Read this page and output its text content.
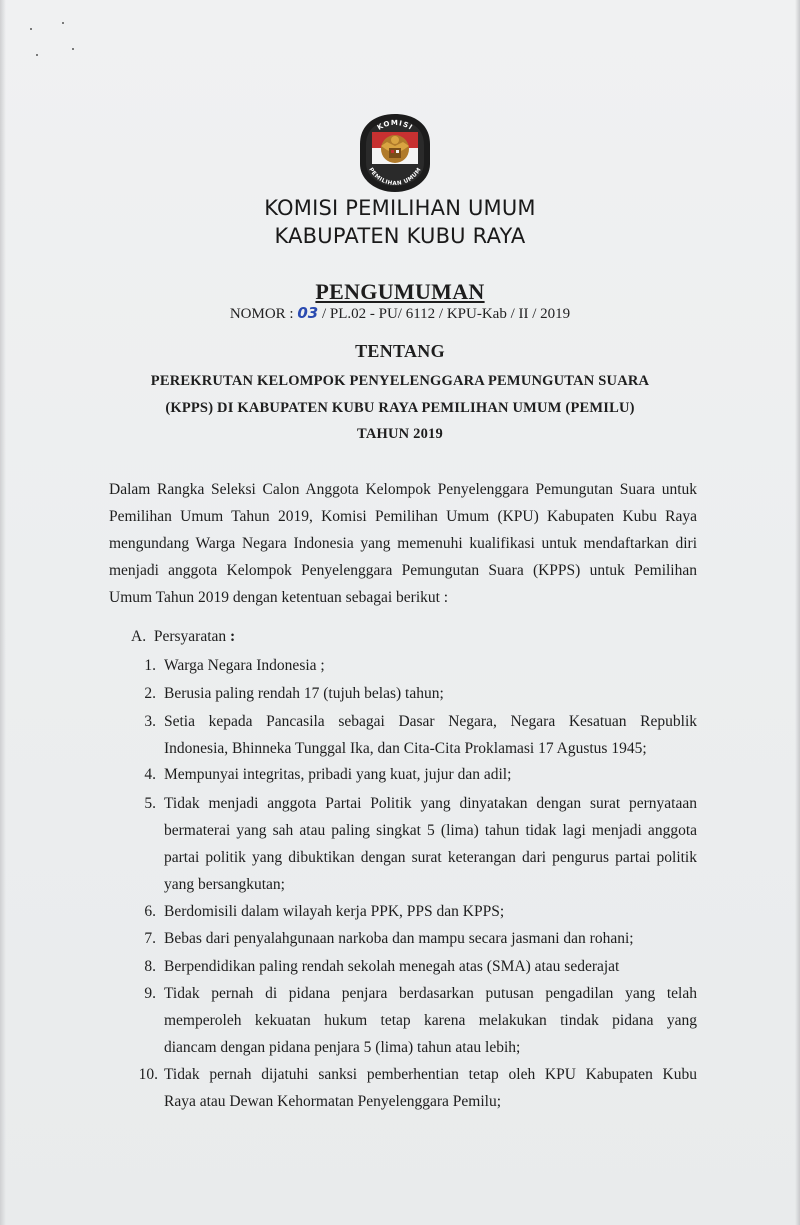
KOMISI
PEMILIHAN UMUM
KOMISI PEMILIHAN UMUM
KABUPATEN KUBU RAYA
PENGUMUMAN
NOMOR : 03 / PL.02 - PU/ 6112 / KPU-Kab / II / 2019
TENTANG
PEREKRUTAN KELOMPOK PENYELENGGARA PEMUNGUTAN SUARA
(KPPS) DI KABUPATEN KUBU RAYA PEMILIHAN UMUM (PEMILU)
TAHUN 2019
Dalam Rangka Seleksi Calon Anggota Kelompok Penyelenggara Pemungutan Suara untuk
Pemilihan Umum Tahun 2019, Komisi Pemilihan Umum (KPU) Kabupaten Kubu Raya
mengundang Warga Negara Indonesia yang memenuhi kualifikasi untuk mendaftarkan diri
menjadi anggota Kelompok Penyelenggara Pemungutan Suara (KPPS) untuk Pemilihan
Umum Tahun 2019 dengan ketentuan sebagai berikut :
A. Persyaratan :
1. Warga Negara Indonesia ;
2. Berusia paling rendah 17 (tujuh belas) tahun;
3. Setia kepada Pancasila sebagai Dasar Negara, Negara Kesatuan Republik
Indonesia, Bhinneka Tunggal Ika, dan Cita-Cita Proklamasi 17 Agustus 1945;
4. Mempunyai integritas, pribadi yang kuat, jujur dan adil;
5. Tidak menjadi anggota Partai Politik yang dinyatakan dengan surat pernyataan
bermaterai yang sah atau paling singkat 5 (lima) tahun tidak lagi menjadi anggota
partai politik yang dibuktikan dengan surat keterangan dari pengurus partai politik
yang bersangkutan;
6. Berdomisili dalam wilayah kerja PPK, PPS dan KPPS;
7. Bebas dari penyalahgunaan narkoba dan mampu secara jasmani dan rohani;
8. Berpendidikan paling rendah sekolah menegah atas (SMA) atau sederajat
9. Tidak pernah di pidana penjara berdasarkan putusan pengadilan yang telah
memperoleh kekuatan hukum tetap karena melakukan tindak pidana yang
diancam dengan pidana penjara 5 (lima) tahun atau lebih;
10. Tidak pernah dijatuhi sanksi pemberhentian tetap oleh KPU Kabupaten Kubu
Raya atau Dewan Kehormatan Penyelenggara Pemilu;
